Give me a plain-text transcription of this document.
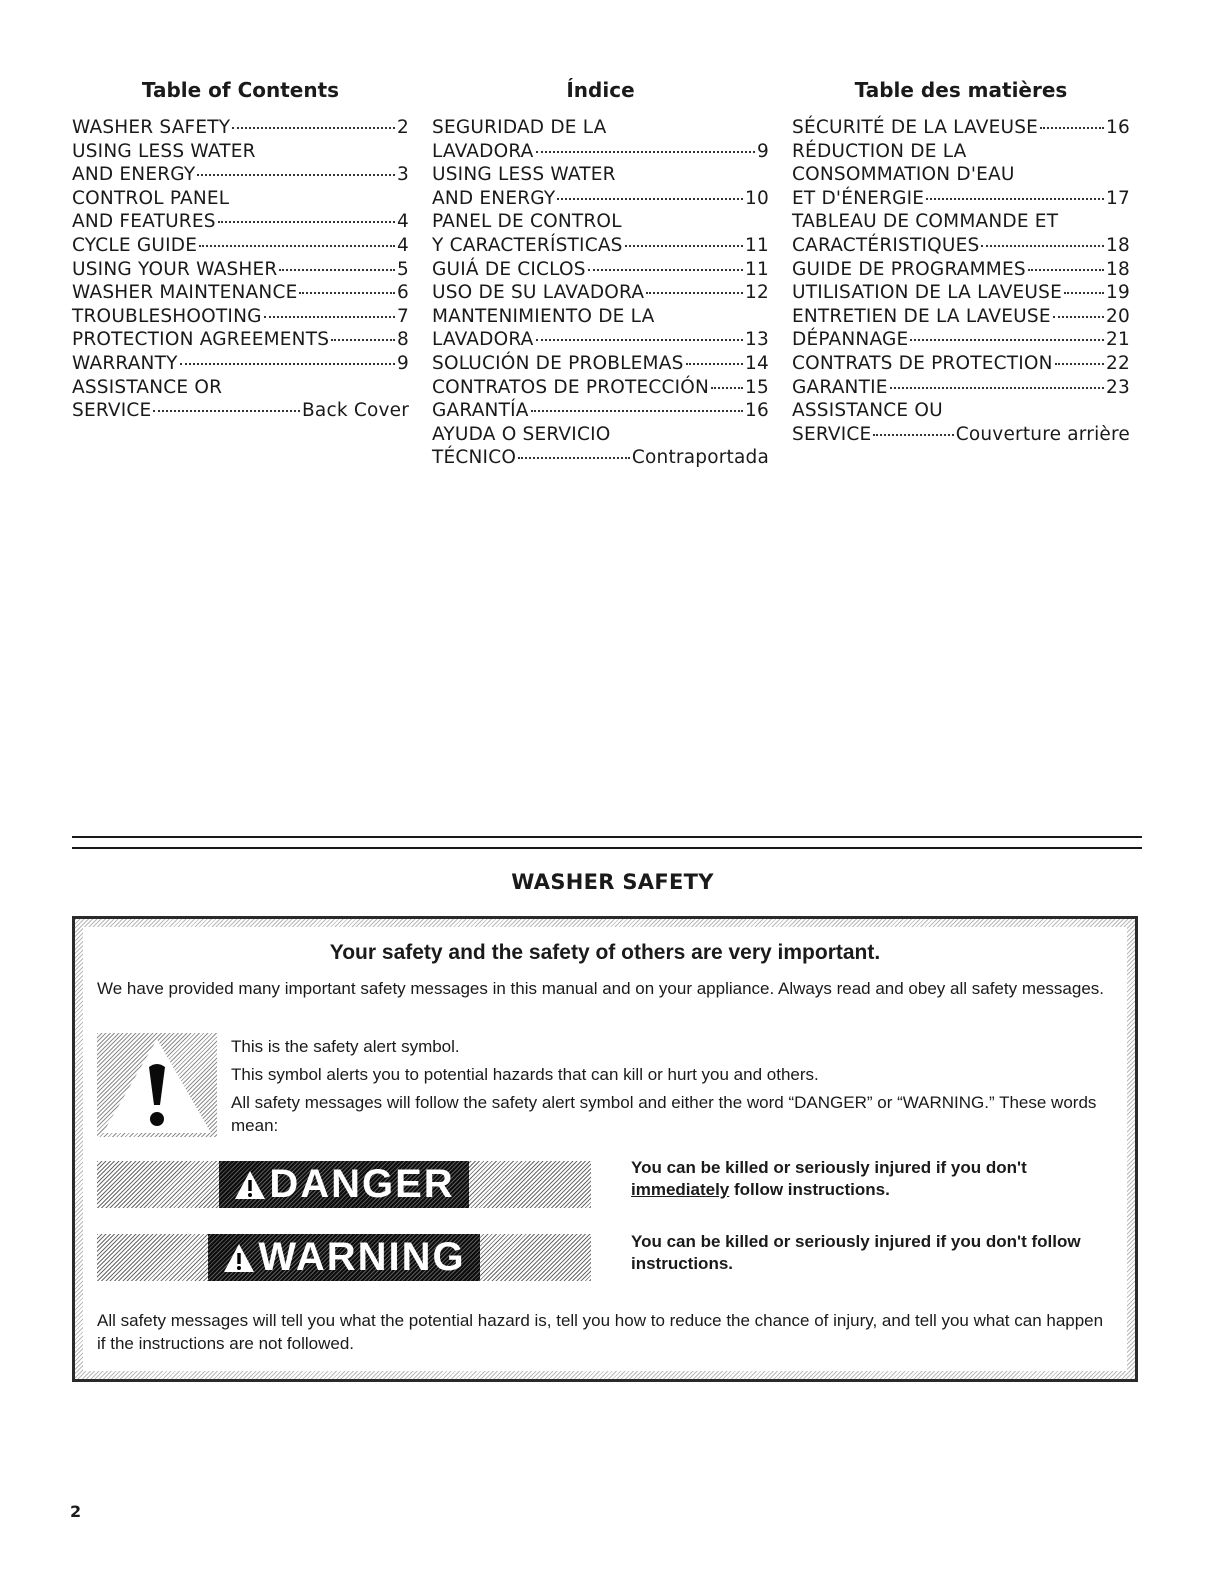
Table of Contents
WASHER SAFETY	2
USING LESS WATER
AND ENERGY	3
CONTROL PANEL
AND FEATURES	4
CYCLE GUIDE	4
USING YOUR WASHER	5
WASHER MAINTENANCE	6
TROUBLESHOOTING	7
PROTECTION AGREEMENTS	8
WARRANTY	9
ASSISTANCE OR
SERVICE	Back Cover
Índice
SEGURIDAD DE LA
LAVADORA	9
USING LESS WATER
AND ENERGY	10
PANEL DE CONTROL
Y CARACTERÍSTICAS	11
GUIÁ DE CICLOS	11
USO DE SU LAVADORA	12
MANTENIMIENTO DE LA
LAVADORA	13
SOLUCIÓN DE PROBLEMAS	14
CONTRATOS DE PROTECCIÓN 15
GARANTÍA	16
AYUDA O SERVICIO
TÉCNICO	Contraportada
Table des matières
SÉCURITÉ DE LA LAVEUSE	16
RÉDUCTION DE LA
CONSOMMATION D'EAU
ET D'ÉNERGIE	17
TABLEAU DE COMMANDE ET
CARACTÉRISTIQUES	18
GUIDE DE PROGRAMMES	18
UTILISATION DE LA LAVEUSE 19
ENTRETIEN DE LA LAVEUSE	20
DÉPANNAGE	21
CONTRATS DE PROTECTION	22
GARANTIE	23
ASSISTANCE OU
SERVICE	Couverture arrière
WASHER SAFETY
Your safety and the safety of others are very important.
We have provided many important safety messages in this manual and on your appliance. Always read and obey all safety messages.

This is the safety alert symbol.

This symbol alerts you to potential hazards that can kill or hurt you and others.

All safety messages will follow the safety alert symbol and either the word “DANGER” or “WARNING.” These words mean:

DANGER	You can be killed or seriously injured if you don't immediately follow instructions.
WARNING	You can be killed or seriously injured if you don't follow instructions.
All safety messages will tell you what the potential hazard is, tell you how to reduce the chance of injury, and tell you what can happen if the instructions are not followed.
2
